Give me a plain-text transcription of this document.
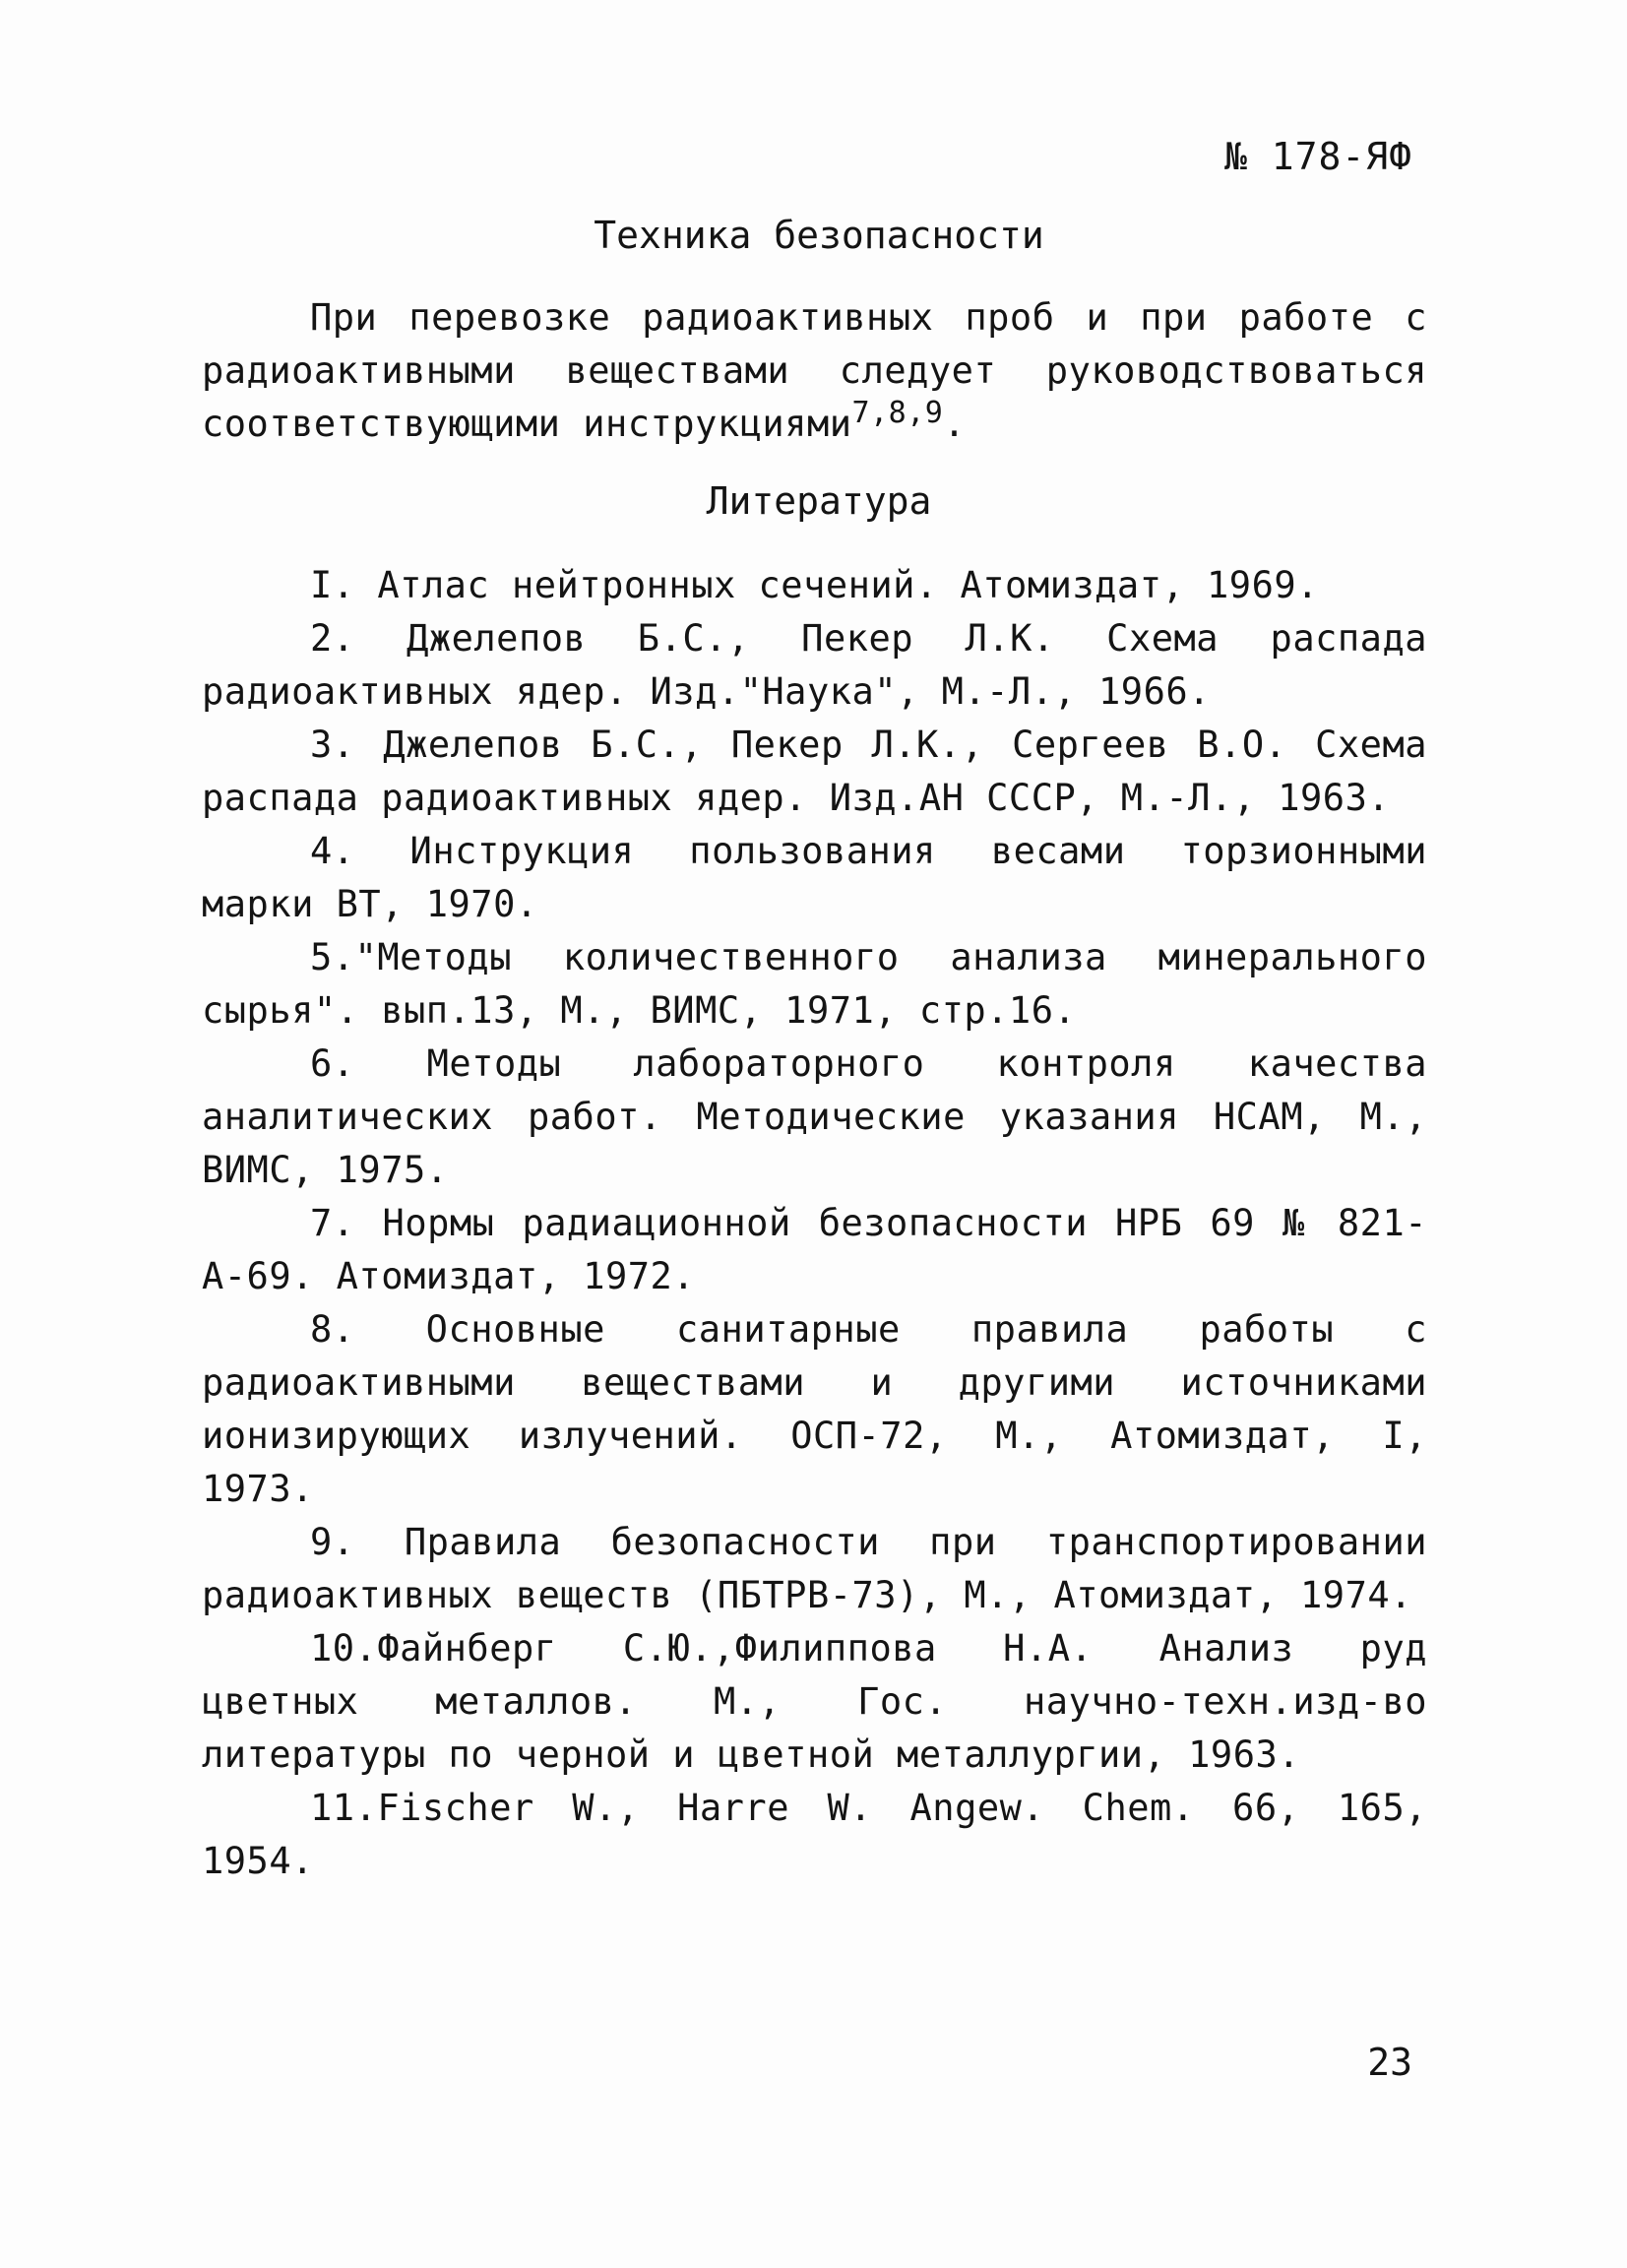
№ 178-ЯФ
Техника безопасности

При перевозке радиоактивных проб и при работе с радиоактивными веществами следует руководствоваться соответствующими инструкциями$^{7,8,9}$.

Литература

I. Атлас нейтронных сечений. Атомиздат, 1969.

2. Джелепов Б.С., Пекер Л.К. Схема распада радиоактивных ядер. Изд."Наука", М.-Л., 1966.

3. Джелепов Б.С., Пекер Л.К., Сергеев В.О. Схема распада радиоактивных ядер. Изд.АН СССР, М.-Л., 1963.

4. Инструкция пользования весами торзионными марки ВТ, 1970.

5."Методы количественного анализа минерального сырья". вып.13, М., ВИМС, 1971, стр.16.

6. Методы лабораторного контроля качества аналитических работ. Методические указания НСАМ, М., ВИМС, 1975.

7. Нормы радиационной безопасности НРБ 69 № 821-А-69. Атомиздат, 1972.

8. Основные санитарные правила работы с радиоактивными веществами и другими источниками ионизирующих излучений. ОСП-72, М., Атомиздат, I, 1973.

9. Правила безопасности при транспортировании радиоактивных веществ (ПБТРВ-73), М., Атомиздат, 1974.

10.Файнберг С.Ю.,Филиппова Н.А. Анализ руд цветных металлов. М., Гос. научно-техн.изд-во литературы по черной и цветной металлургии, 1963.

11.Fischer W., Harre W. Angew. Chem. 66, 165, 1954.

23
